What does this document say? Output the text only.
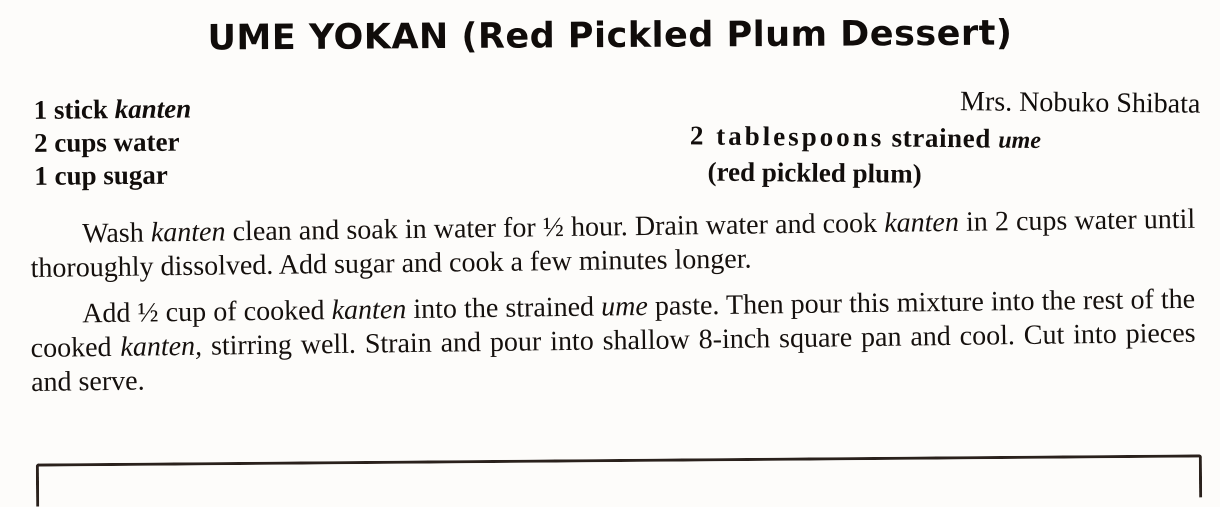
UME YOKAN (Red Pickled Plum Dessert)
1 stick kanten
2 cups water
1 cup sugar
Mrs. Nobuko Shibata
2 tablespoons strained ume
(red pickled plum)
Wash kanten clean and soak in water for ½ hour. Drain water and cook kanten in 2 cups water until thoroughly dissolved. Add sugar and cook a few minutes longer.
Add ½ cup of cooked kanten into the strained ume paste. Then pour this mixture into the rest of the cooked kanten, stirring well. Strain and pour into shallow 8-inch square pan and cool. Cut into pieces and serve.
